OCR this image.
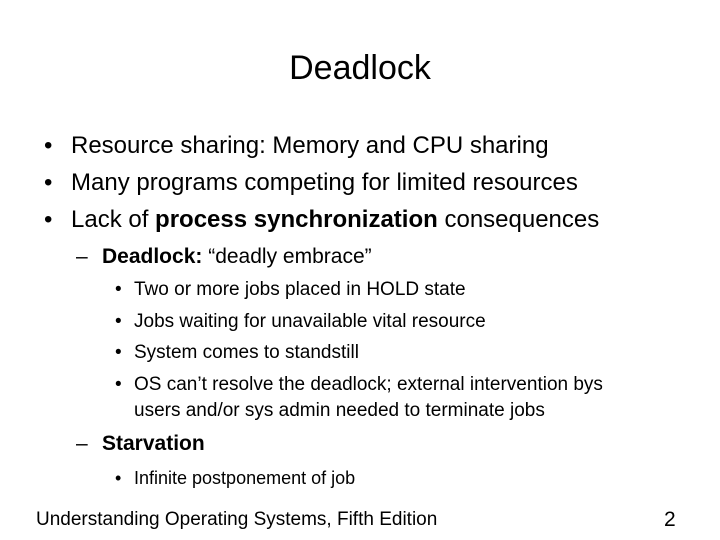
Deadlock
• Resource sharing: Memory and CPU sharing
• Many programs competing for limited resources
• Lack of process synchronization consequences
– Deadlock: “deadly embrace”
• Two or more jobs placed in HOLD state
• Jobs waiting for unavailable vital resource
• System comes to standstill
• OS can’t resolve the deadlock; external intervention bys
users and/or sys admin needed to terminate jobs
– Starvation
• Infinite postponement of job
Understanding Operating Systems, Fifth Edition	2
